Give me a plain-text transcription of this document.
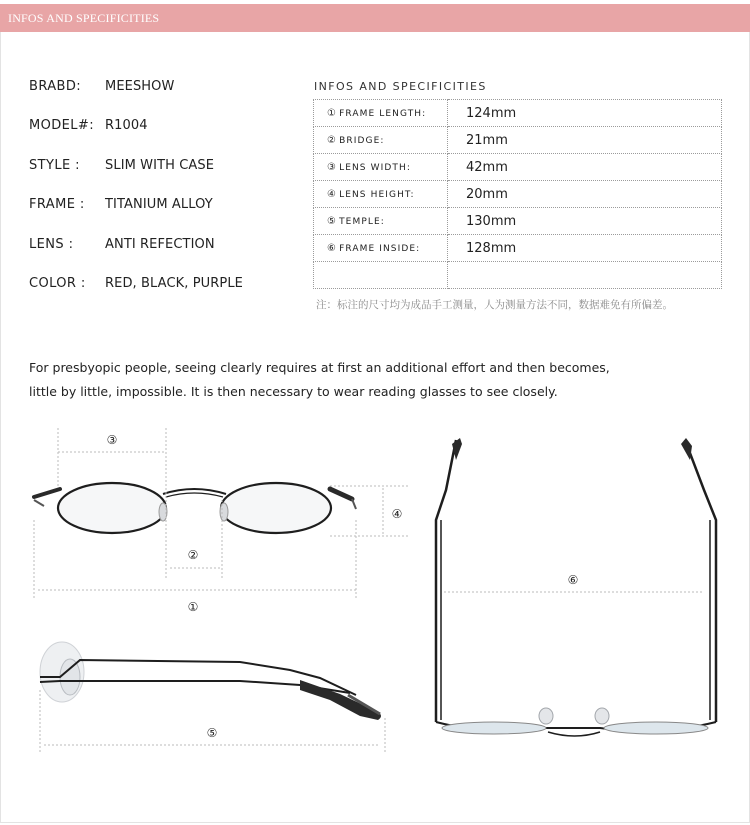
INFOS AND SPECIFICITIES
BRABD: MEESHOW
MODEL#: R1004
STYLE : SLIM WITH CASE
FRAME : TITANIUM ALLOY
LENS : ANTI REFECTION
COLOR : RED, BLACK, PURPLE
INFOS AND SPECIFICITIES
① FRAME LENGTH:	124mm
② BRIDGE:	21mm
③ LENS WIDTH:	42mm
④ LENS HEIGHT:	20mm
⑤ TEMPLE:	130mm
⑥ FRAME INSIDE:	128mm

注：标注的尺寸均为成品手工测量，人为测量方法不同，数据难免有所偏差。
For presbyopic people, seeing clearly requires at first an additional effort and then becomes,
little by little, impossible. It is then necessary to wear reading glasses to see closely.
③
②
①
④
⑤
⑥
